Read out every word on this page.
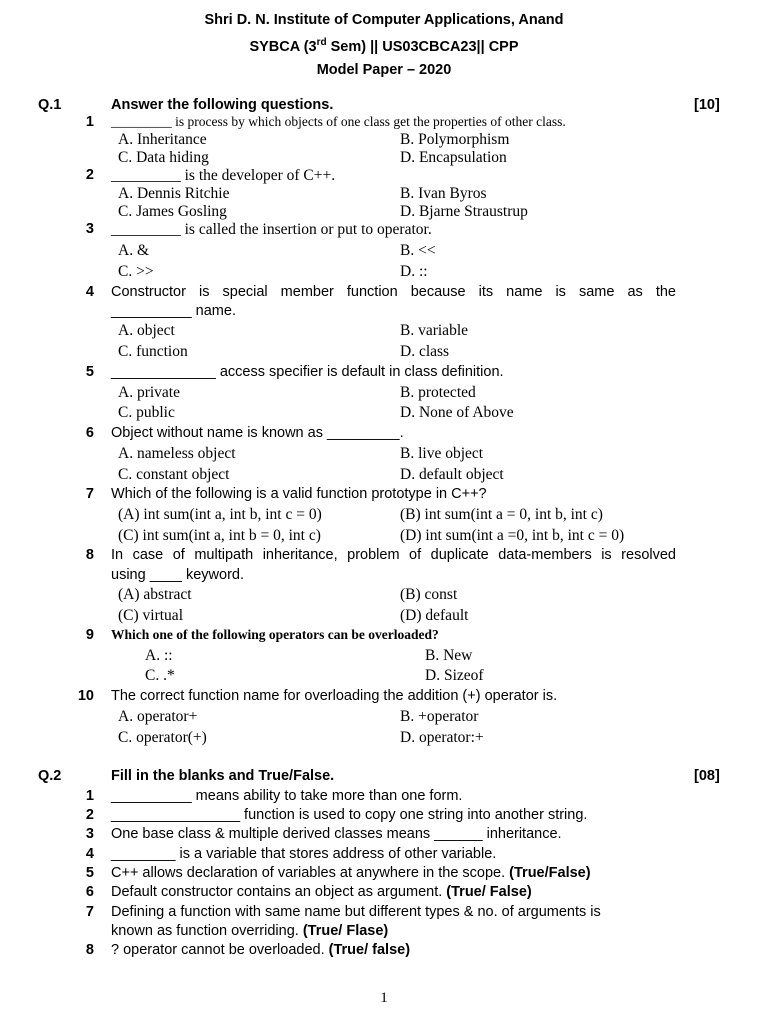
Shri D. N. Institute of Computer Applications, Anand
SYBCA (3rd Sem) || US03CBCA23|| CPP
Model Paper – 2020
Q.1	Answer the following questions.	[10]
1 _________ is process by which objects of one class get the properties of other class.
A. Inheritance	B. Polymorphism
C. Data hiding	D. Encapsulation
2 _________ is the developer of C++.
A. Dennis Ritchie	B. Ivan Byros
C. James Gosling	D. Bjarne Straustrup
3 _________ is called the insertion or put to operator.
A. &	B. <<
C. >>	D. ::
4 Constructor is special member function because its name is same as the
__________ name.
A. object	B. variable
C. function	D. class
5 _____________ access specifier is default in class definition.
A. private	B. protected
C. public	D. None of Above
6 Object without name is known as _________.
A. nameless object	B. live object
C. constant object	D. default object
7 Which of the following is a valid function prototype in C++?
(A) int sum(int a, int b, int c = 0)	(B) int sum(int a = 0, int b, int c)
(C) int sum(int a, int b = 0, int c)	(D) int sum(int a =0, int b, int c = 0)
8 In case of multipath inheritance, problem of duplicate data-members is resolved
using ____ keyword.
(A) abstract	(B) const
(C) virtual	(D) default
9 Which one of the following operators can be overloaded?
A. ::	B. New
C. .*	D. Sizeof
10 The correct function name for overloading the addition (+) operator is.
A. operator+	B. +operator
C. operator(+)	D. operator:+
Q.2	Fill in the blanks and True/False.	[08]
1 __________ means ability to take more than one form.
2 ________________ function is used to copy one string into another string.
3 One base class & multiple derived classes means ______ inheritance.
4 ________ is a variable that stores address of other variable.
5 C++ allows declaration of variables at anywhere in the scope. (True/False)
6 Default constructor contains an object as argument. (True/ False)
7 Defining a function with same name but different types & no. of arguments is
known as function overriding. (True/ Flase)
8 ? operator cannot be overloaded. (True/ false)
1
